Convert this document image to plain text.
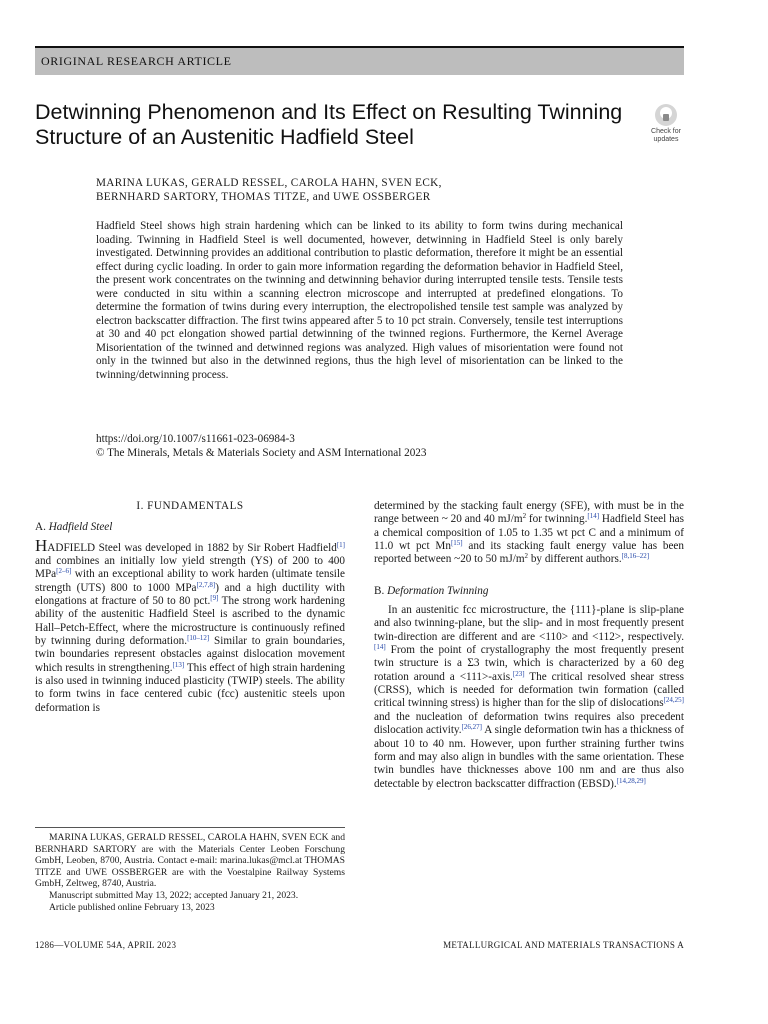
ORIGINAL RESEARCH ARTICLE
Detwinning Phenomenon and Its Effect on Resulting Twinning Structure of an Austenitic Hadfield Steel	Check for
updates
MARINA LUKAS, GERALD RESSEL, CAROLA HAHN, SVEN ECK,
BERNHARD SARTORY, THOMAS TITZE, and UWE OSSBERGER
Hadfield Steel shows high strain hardening which can be linked to its ability to form twins during mechanical loading. Twinning in Hadfield Steel is well documented, however, detwinning in Hadfield Steel is only barely investigated. Detwinning provides an additional contribution to plastic deformation, therefore it might be an essential effect during cyclic loading. In order to gain more information regarding the deformation behavior in Hadfield Steel, the present work concentrates on the twinning and detwinning behavior during interrupted tensile tests. Tensile tests were conducted in situ within a scanning electron microscope and interrupted at predefined elongations. To determine the formation of twins during every interruption, the electropolished tensile test sample was analyzed by electron backscatter diffraction. The first twins appeared after 5 to 10 pct strain. Conversely, tensile test interruptions at 30 and 40 pct elongation showed partial detwinning of the twinned regions. Furthermore, the Kernel Average Misorientation of the twinned and detwinned regions was analyzed. High values of misorientation were found not only in the twinned but also in the detwinned regions, thus the high level of misorientation can be linked to the twinning/detwinning process.
https://doi.org/10.1007/s11661-023-06984-3
© The Minerals, Metals & Materials Society and ASM International 2023
I. FUNDAMENTALS
A. Hadfield Steel

HADFIELD Steel was developed in 1882 by Sir Robert Hadfield[1] and combines an initially low yield strength (YS) of 200 to 400 MPa[2–6] with an exceptional ability to work harden (ultimate tensile strength (UTS) 800 to 1000 MPa[2,7,8]) and a high ductility with elongations at fracture of 50 to 80 pct.[9] The strong work hardening ability of the austenitic Hadfield Steel is ascribed to the dynamic Hall–Petch-Effect, where the microstructure is continuously refined by twinning during deformation.[10–12] Similar to grain boundaries, twin boundaries represent obstacles against dislocation movement which results in strengthening.[13] This effect of high strain hardening is also used in twinning induced plasticity (TWIP) steels. The ability to form twins in face centered cubic (fcc) austenitic steels upon deformation is

determined by the stacking fault energy (SFE), with must be in the range between ~ 20 and 40 $mJ/m^2$ for twinning.[14] Hadfield Steel has a chemical composition of 1.05 to 1.35 wt pct C and a minimum of 11.0 wt pct Mn[15] and its stacking fault energy value has been reported between ~20 to 50 $mJ/m^2$ by different authors.[8,16–22]

B. Deformation Twinning

In an austenitic fcc microstructure, the {111}-plane is slip-plane and also twinning-plane, but the slip- and in most frequently present twin-direction are different and are <110> and <112>, respectively.[14] From the point of crystallography the most frequently present twin structure is a Σ3 twin, which is characterized by a 60 deg rotation around a <111>-axis.[23] The critical resolved shear stress (CRSS), which is needed for deformation twin formation (called critical twinning stress) is higher than for the slip of dislocations[24,25] and the nucleation of deformation twins requires also precedent dislocation activity.[26,27] A single deformation twin has a thickness of about 10 to 40 nm. However, upon further straining further twins form and may also align in bundles with the same orientation. These twin bundles have thicknesses above 100 nm and are thus also detectable by electron backscatter diffraction (EBSD).[14,28,29]

MARINA LUKAS, GERALD RESSEL, CAROLA HAHN, SVEN ECK and BERNHARD SARTORY are with the Materials Center Leoben Forschung GmbH, Leoben, 8700, Austria. Contact e-mail: marina.lukas@mcl.at THOMAS TITZE and UWE OSSBERGER are with the Voestalpine Railway Systems GmbH, Zeltweg, 8740, Austria.
Manuscript submitted May 13, 2022; accepted January 21, 2023.
Article published online February 13, 2023
1286—VOLUME 54A, APRIL 2023	METALLURGICAL AND MATERIALS TRANSACTIONS A
